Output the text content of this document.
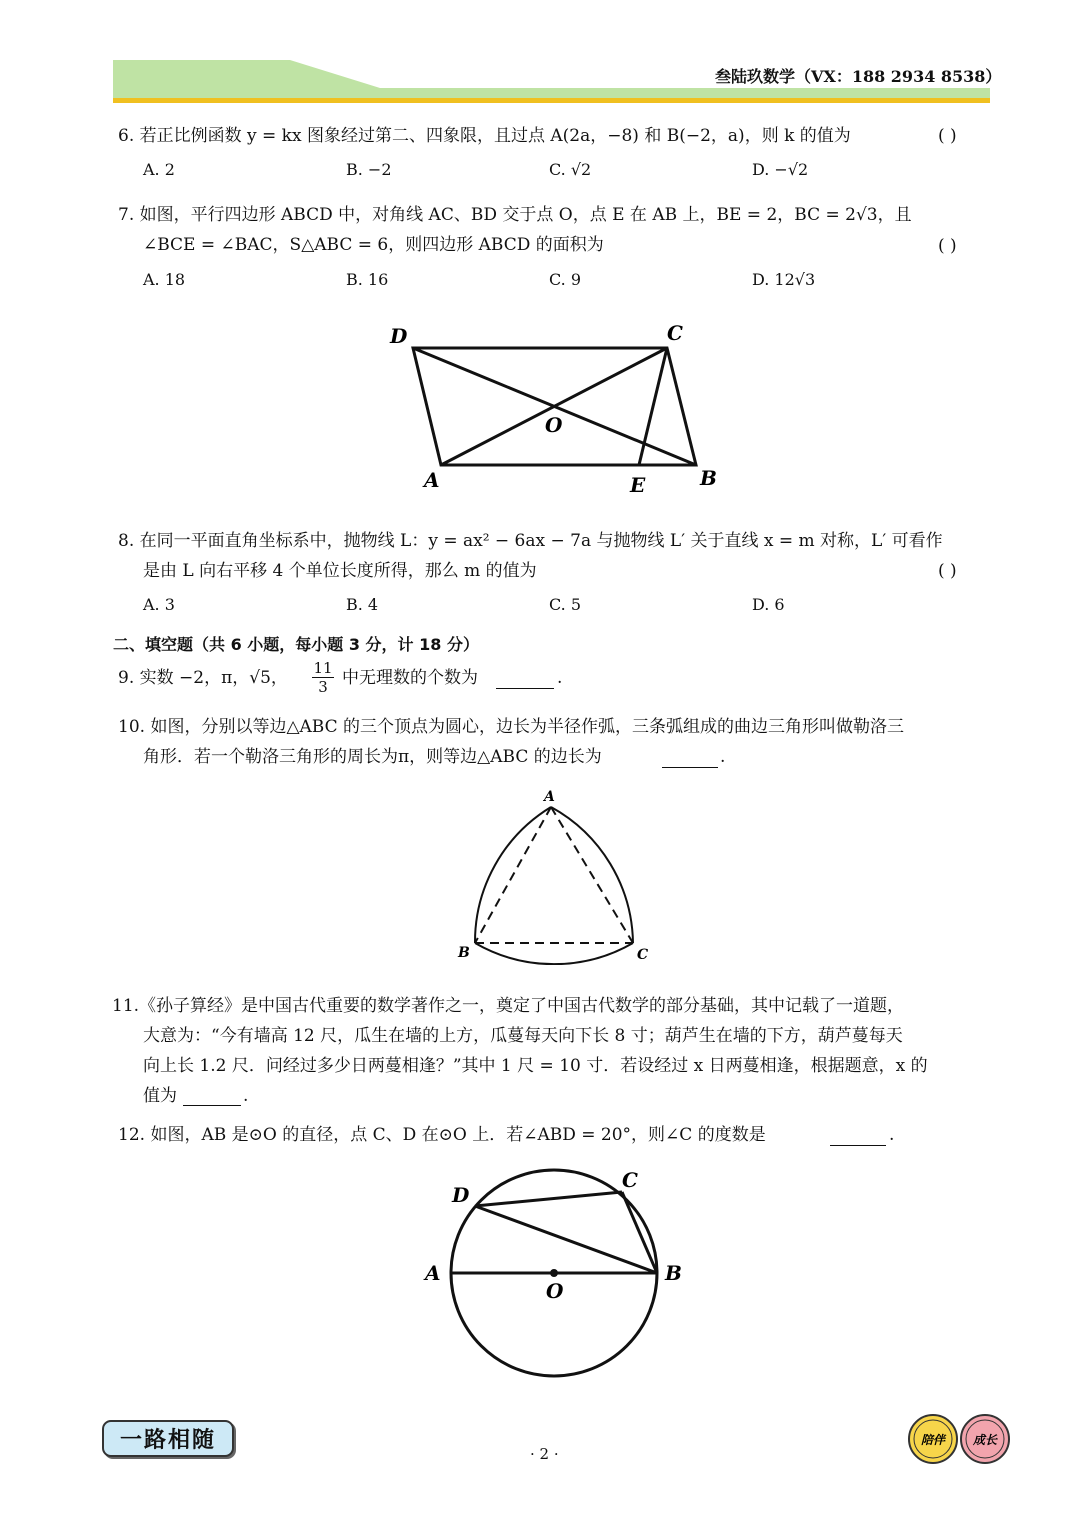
叁陆玖数学（VX：188 2934 8538）
6. 若正比例函数 y = kx 图象经过第二、四象限，且过点 A(2a，−8) 和 B(−2，a)，则 k 的值为	( )
A. 2	B. −2	C. √2	D. −√2
7. 如图，平行四边形 ABCD 中，对角线 AC、BD 交于点 O，点 E 在 AB 上，BE = 2，BC = 2√3，且
∠BCE = ∠BAC，S△ABC = 6，则四边形 ABCD 的面积为	( )
A. 18	B. 16	C. 9	D. 12√3
D	C
O
A	E	B
8. 在同一平面直角坐标系中，抛物线 L：y = ax² − 6ax − 7a 与抛物线 L′ 关于直线 x = m 对称，L′ 可看作
是由 L 向右平移 4 个单位长度所得，那么 m 的值为	( )
A. 3	B. 4	C. 5	D. 6
二、填空题（共 6 小题，每小题 3 分，计 18 分）
9. 实数 −2，π，√5， $\frac{11}{3}$ 中无理数的个数为	.
10. 如图，分别以等边△ABC 的三个顶点为圆心，边长为半径作弧，三条弧组成的曲边三角形叫做勒洛三
角形．若一个勒洛三角形的周长为π，则等边△ABC 的边长为	.
A
B	C
11.《孙子算经》是中国古代重要的数学著作之一，奠定了中国古代数学的部分基础，其中记载了一道题，
大意为：“今有墙高 12 尺，瓜生在墙的上方，瓜蔓每天向下长 8 寸；葫芦生在墙的下方，葫芦蔓每天
向上长 1.2 尺．问经过多少日两蔓相逢？”其中 1 尺 = 10 寸．若设经过 x 日两蔓相逢，根据题意，x 的
值为	.
12. 如图，AB 是⊙O 的直径，点 C、D 在⊙O 上．若∠ABD = 20°，则∠C 的度数是	.
D
C
A
O
B
一路相随
· 2 ·
陪伴 成长
